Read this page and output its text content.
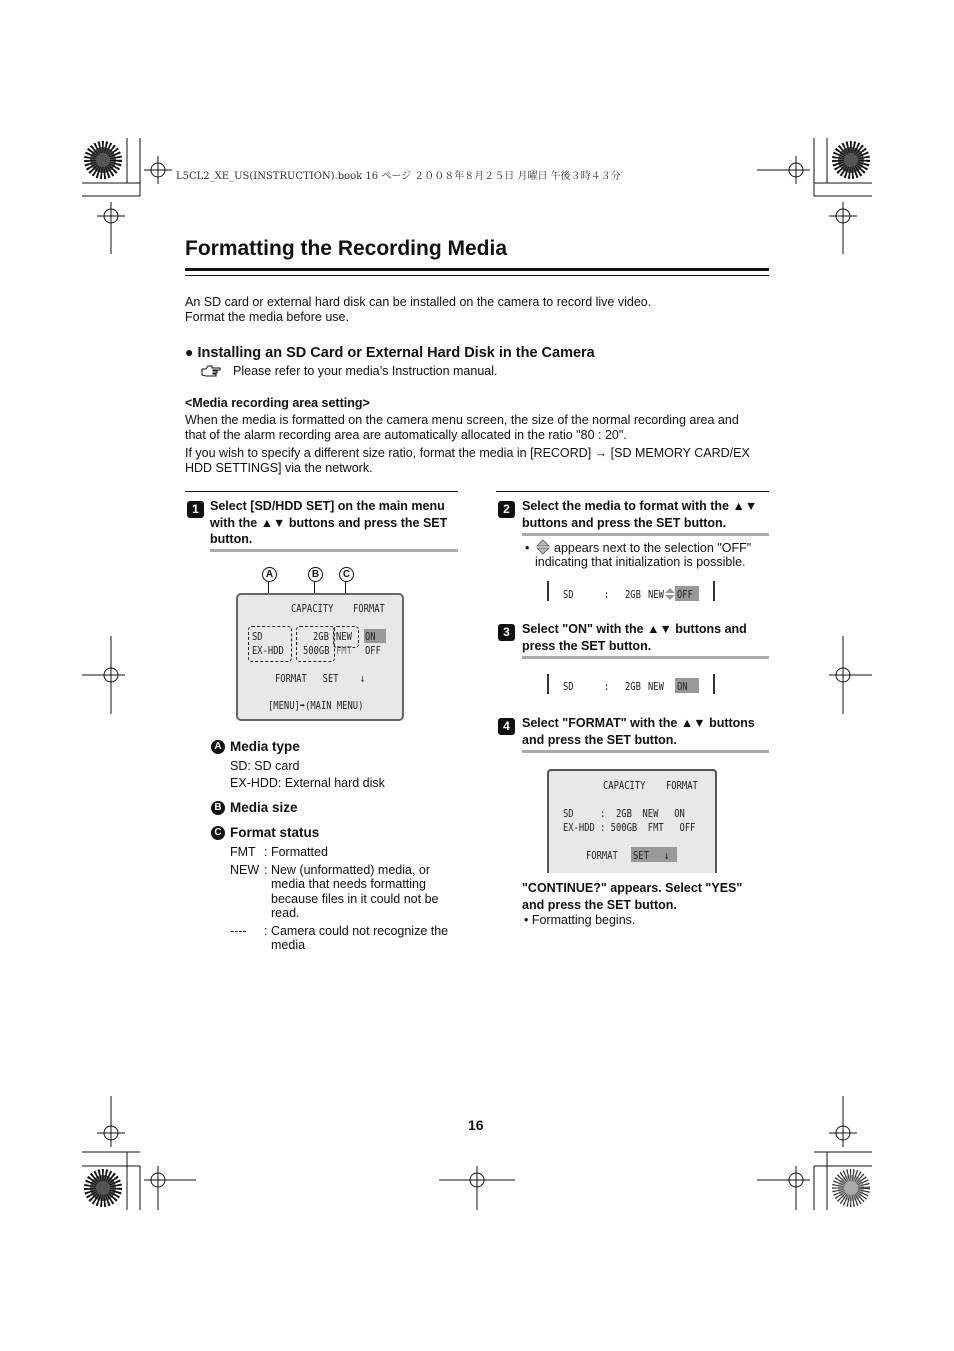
L5CL2_XE_US(INSTRUCTION).book 16 ページ ２００８年８月２５日 月曜日 午後３時４３分
Formatting the Recording Media

An SD card or external hard disk can be installed on the camera to record live video.

Format the media before use.

● Installing an SD Card or External Hard Disk in the Camera
Please refer to your media’s Instruction manual.

<Media recording area setting>

When the media is formatted on the camera menu screen, the size of the normal recording area and

that of the alarm recording area are automatically allocated in the ratio "80 : 20".

If you wish to specify a different size ratio, format the media in [RECORD] → [SD MEMORY CARD/EX

HDD SETTINGS] via the network.

1 Select [SD/HDD SET] on the main menu
with the ▲▼ buttons and press the SET
button.
A	B	C
CAPACITY FORMAT
SD	2GB NEW ON
EX-HDD 500GB FMT OFF
FORMAT   SET    ↓
[MENU]➡(MAIN MENU)
A Media type
SD: SD card
EX-HDD: External hard disk
B Media size
C Format status
FMT : Formatted
NEW : New (unformatted) media, or
media that needs formatting
because files in it could not be
read.
---- : Camera could not recognize the
media
2 Select the media to format with the ▲▼
buttons and press the SET button.
• appears next to the selection "OFF"
indicating that initialization is possible.
SD	: 2GB NEW OFF
3 Select "ON" with the ▲▼ buttons and
press the SET button.
SD	: 2GB NEW ON
4 Select "FORMAT" with the ▲▼ buttons
and press the SET button.
CAPACITY FORMAT
SD     :  2GB  NEW   ON
EX-HDD : 500GB  FMT   OFF
FORMAT SET ↓
"CONTINUE?" appears. Select "YES"
and press the SET button.
• Formatting begins.
16
